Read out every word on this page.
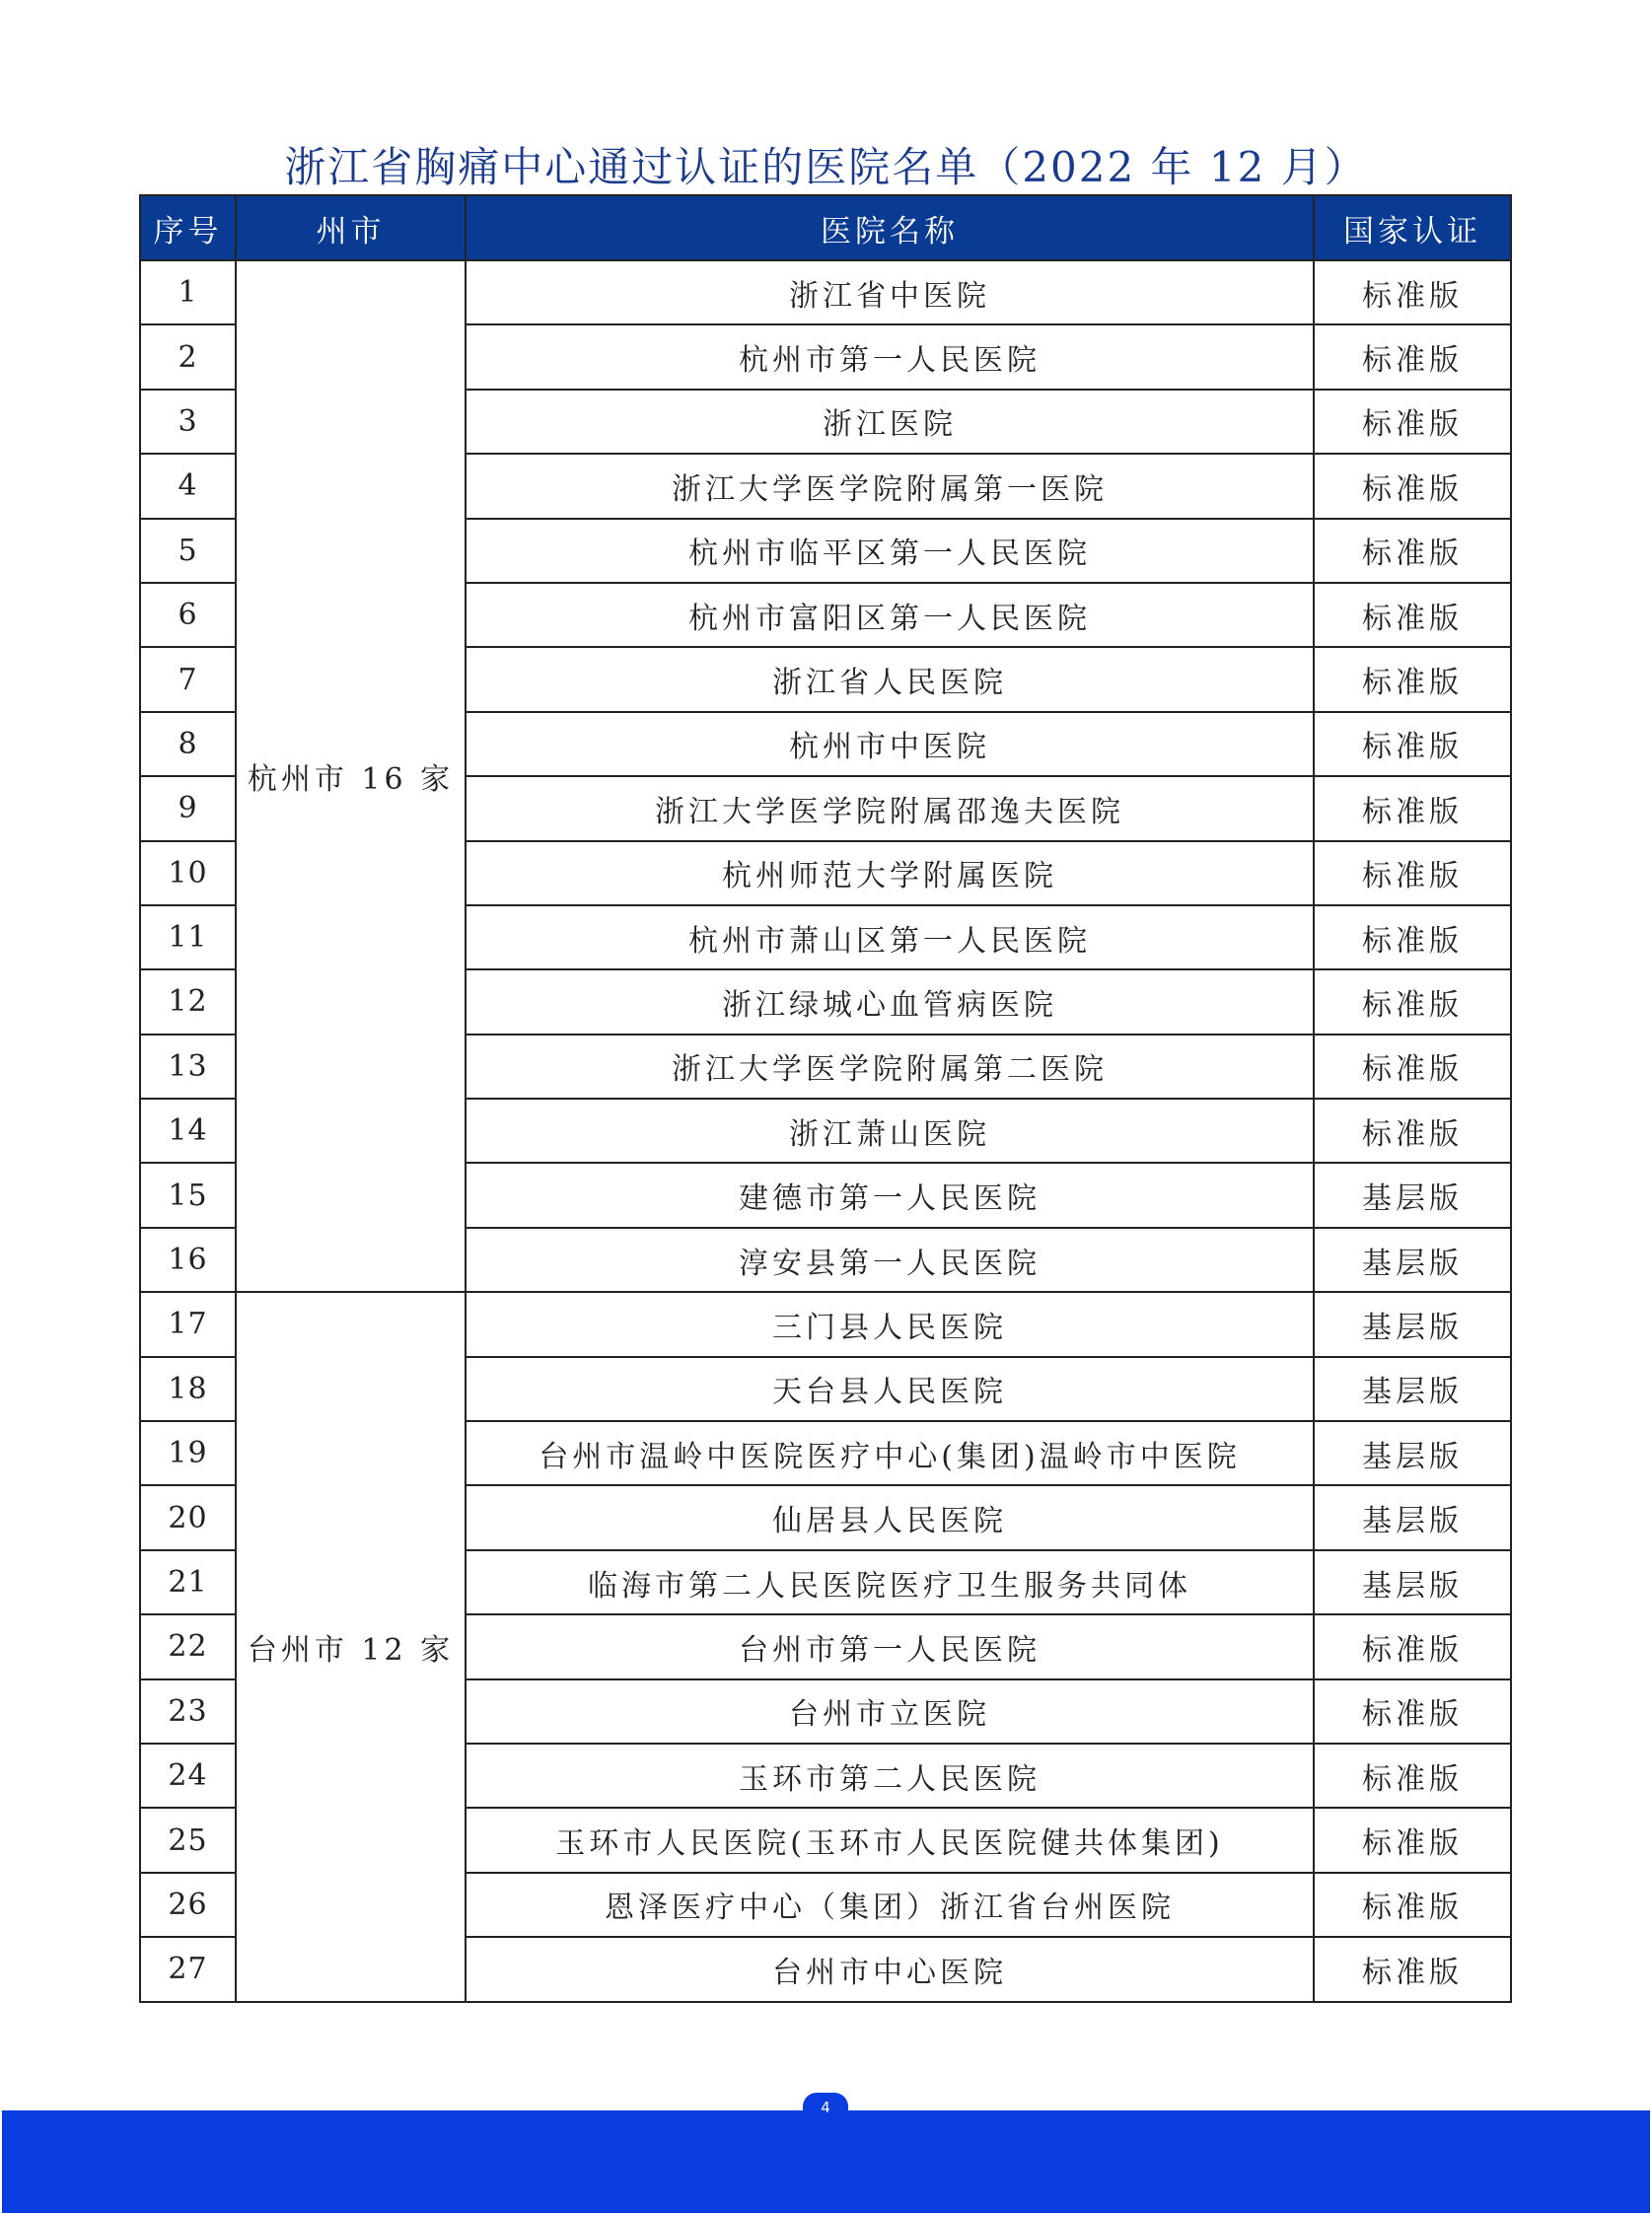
浙江省胸痛中心通过认证的医院名单（2022 年 12 月）
序号	州市	医院名称	国家认证
1	杭州市 16 家	浙江省中医院	标准版
2		杭州市第一人民医院	标准版
3		浙江医院	标准版
4		浙江大学医学院附属第一医院	标准版
5		杭州市临平区第一人民医院	标准版
6		杭州市富阳区第一人民医院	标准版
7		浙江省人民医院	标准版
8		杭州市中医院	标准版
9		浙江大学医学院附属邵逸夫医院	标准版
10		杭州师范大学附属医院	标准版
11		杭州市萧山区第一人民医院	标准版
12		浙江绿城心血管病医院	标准版
13		浙江大学医学院附属第二医院	标准版
14		浙江萧山医院	标准版
15		建德市第一人民医院	基层版
16		淳安县第一人民医院	基层版
17	台州市 12 家	三门县人民医院	基层版
18		天台县人民医院	基层版
19		台州市温岭中医院医疗中心(集团)温岭市中医院	基层版
20		仙居县人民医院	基层版
21		临海市第二人民医院医疗卫生服务共同体	基层版
22		台州市第一人民医院	标准版
23		台州市立医院	标准版
24		玉环市第二人民医院	标准版
25		玉环市人民医院(玉环市人民医院健共体集团)	标准版
26		恩泽医疗中心（集团）浙江省台州医院	标准版
27		台州市中心医院	标准版
4
